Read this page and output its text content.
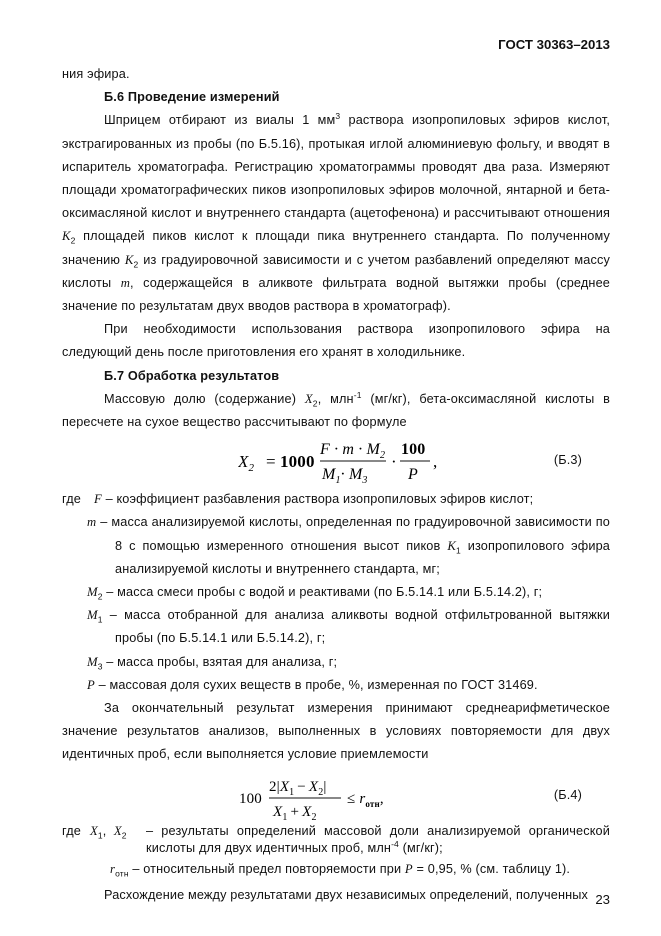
ГОСТ 30363–2013

ния эфира.

Б.6 Проведение измерений

Шприцем отбирают из виалы 1 $мм^3$ раствора изопропиловых эфиров кислот, экстрагированных из пробы (по Б.5.16), протыкая иглой алюминиевую фольгу, и вводят в испаритель хроматографа. Регистрацию хроматограммы проводят два раза. Измеряют площади хроматографических пиков изопропиловых эфиров молочной, янтарной и бета-оксимасляной кислот и внутреннего стандарта (ацетофенона) и рассчитывают отношения $K_2$ площадей пиков кислот к площади пика внутреннего стандарта. По полученному значению $K_2$ из градуировочной зависимости и с учетом разбавлений определяют массу кислоты m, содержащейся в аликвоте фильтрата водной вытяжки пробы (среднее значение по результатам двух вводов раствора в хроматограф).

При необходимости использования раствора изопропилового эфира на следующий день после приготовления его хранят в холодильнике.

Б.7 Обработка результатов

Массовую долю (содержание) $X_2$, млн$^{-1}$ (мг/кг), бета-оксимасляной кислоты в пересчете на сухое вещество рассчитывают по формуле

$X_2 = 1000$
$F \cdot m \cdot M_2$
$M_1\cdot M_3$
·
100
P
,	(Б.3)
где	F – коэффициент разбавления раствора изопропиловых эфиров кислот;

m – масса анализируемой кислоты, определенная по градуировочной зависимости по 8 с помощью измеренного отношения высот пиков $K_1$ изопропилового эфира анализируемой кислоты и внутреннего стандарта, мг;

$M_2$ – масса смеси пробы с водой и реактивами (по Б.5.14.1 или Б.5.14.2), г;

$M_1$ – масса отобранной для анализа аликвоты водной отфильтрованной вытяжки пробы (по Б.5.14.1 или Б.5.14.2), г;

$M_3$ – масса пробы, взятая для анализа, г;

P – массовая доля сухих веществ в пробе, %, измеренная по ГОСТ 31469.

За окончательный результат измерения принимают среднеарифметическое значение результатов анализов, выполненных в условиях повторяемости для двух идентичных проб, если выполняется условие приемлемости

100
$2|X_1 - X_2|$
$X_1 + X_2$
≤ $r_{отн}$,	(Б.4)
где $X_1$, $X_2$	– результаты определений массовой доли анализируемой органической кислоты для двух идентичных проб, млн$^{-4}$ (мг/кг);

$r_{отн}$ – относительный предел повторяемости при P = 0,95, % (см. таблицу 1).

Расхождение между результатами двух независимых определений, полученных 23
